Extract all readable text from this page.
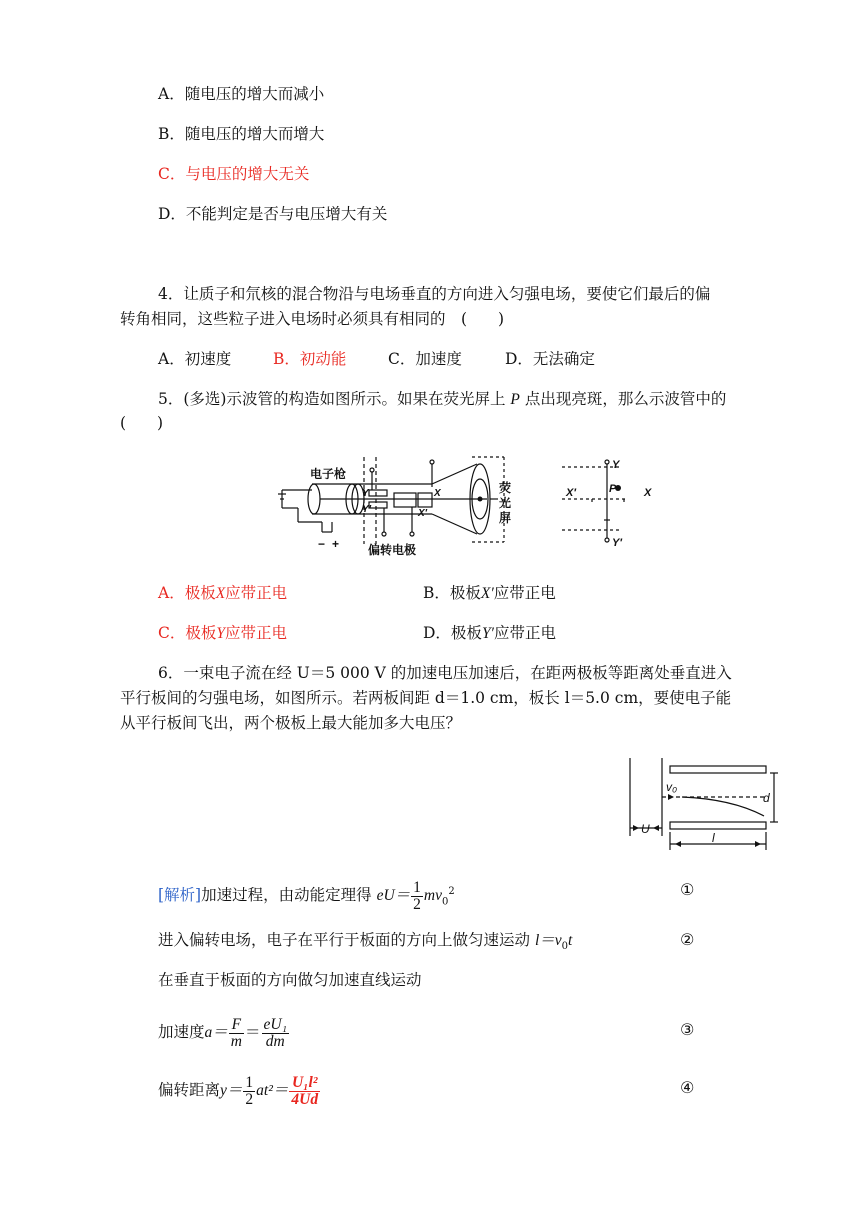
A．随电压的增大而减小
B．随电压的增大而增大
C．与电压的增大无关
D．不能判定是否与电压增大有关
4．让质子和氘核的混合物沿与电场垂直的方向进入匀强电场，要使它们最后的偏
转角相同，这些粒子进入电场时必须具有相同的　(　　)
A．初速度	B．初动能	C．加速度	D．无法确定
5．(多选)示波管的构造如图所示。如果在荧光屏上 P 点出现亮斑，那么示波管中的
(　　)
电子枪
偏转电极
荧
光
屏
Y
Y′
X
X′
− +
Y
Y′
X′	X
P
A．极板X应带正电	B．极板X′应带正电
C．极板Y应带正电	D．极板Y′应带正电
6．一束电子流在经 U＝5 000 V 的加速电压加速后，在距两极板等距离处垂直进入
平行板间的匀强电场，如图所示。若两板间距 d＝1.0 cm，板长 l＝5.0 cm，要使电子能
从平行板间飞出，两个极板上最大能加多大电压？
v₀
U
d
l
[解析]加速过程，由动能定理得 $eU= \frac{1}{2} mv_0^2$	①
进入偏转电场，电子在平行于板面的方向上做匀速运动 $l=v_0t$	②
在垂直于板面的方向做匀加速直线运动
加速度$a= \frac{F}{m} = \frac{\text{eU₁}}{dm}$	③
偏转距离$y= \frac{1}{2} at^2= \frac{\text{U₁l²}}{4Ud}$	④
